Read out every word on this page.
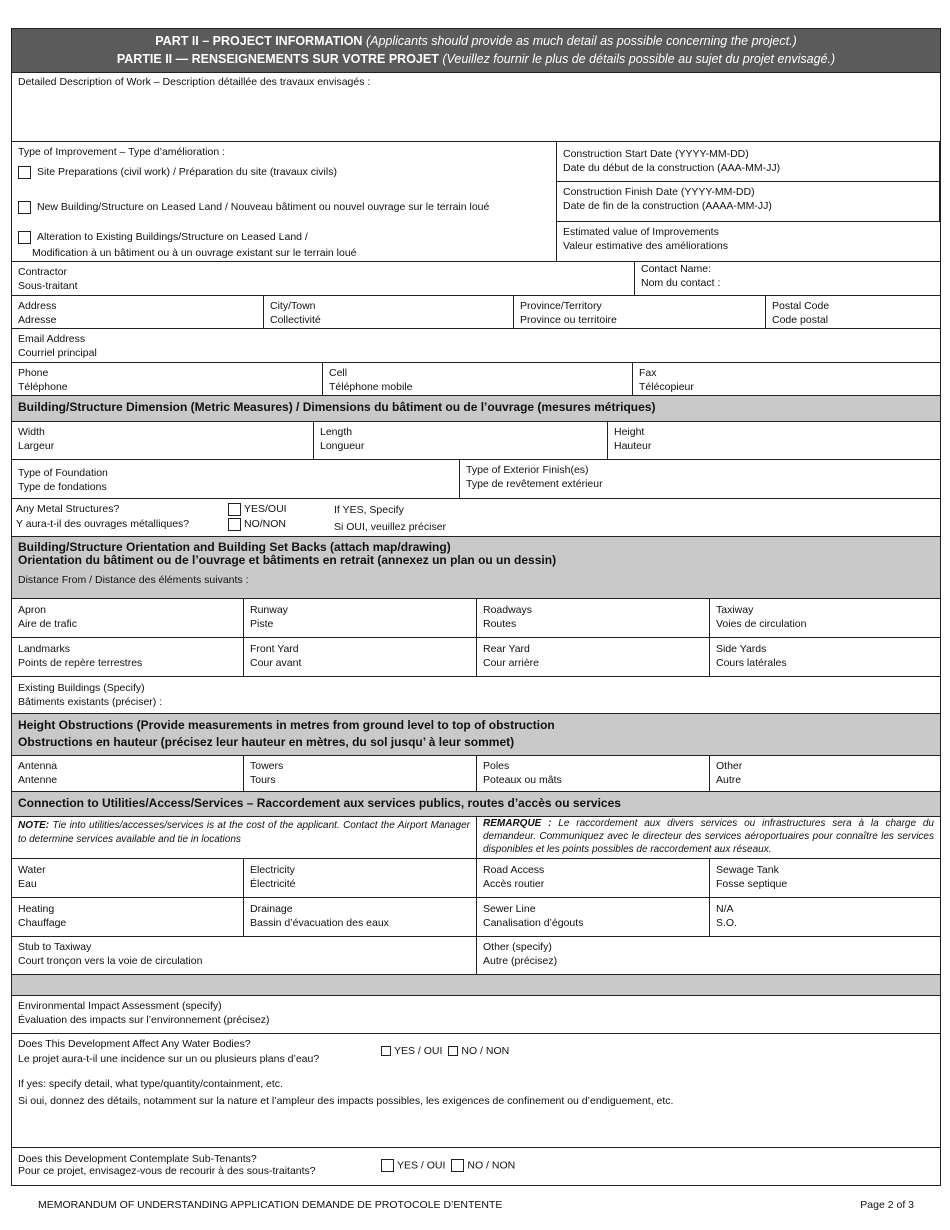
PART II – PROJECT INFORMATION (Applicants should provide as much detail as possible concerning the project.)
PARTIE II — RENSEIGNEMENTS SUR VOTRE PROJET (Veuillez fournir le plus de détails possible au sujet du projet envisagé.)
Detailed Description of Work – Description détaillée des travaux envisagés :
Type of Improvement – Type d’amélioration :
Site Preparations (civil work) / Préparation du site (travaux civils)
New Building/Structure on Leased Land / Nouveau bâtiment ou nouvel ouvrage sur le terrain loué
Alteration to Existing Buildings/Structure on Leased Land /
Modification à un bâtiment ou à un ouvrage existant sur le terrain loué
Construction Start Date (YYYY-MM-DD)
Date du début de la construction (AAA-MM-JJ)
Construction Finish Date (YYYY-MM-DD)
Date de fin de la construction (AAAA-MM-JJ)
Estimated value of Improvements
Valeur estimative des améliorations
Contractor
Sous-traitant
Contact Name:
Nom du contact :
Address
Adresse
City/Town
Collectivité
Province/Territory
Province ou territoire
Postal Code
Code postal
Email Address
Courriel principal
Phone
Téléphone
Cell
Téléphone mobile
Fax
Télécopieur
Building/Structure Dimension (Metric Measures) / Dimensions du bâtiment ou de l’ouvrage (mesures métriques)
Width
Largeur
Length
Longueur
Height
Hauteur
Type of Foundation
Type de fondations
Type of Exterior Finish(es)
Type de revêtement extérieur
Any Metal Structures?
Y aura-t-il des ouvrages métalliques?
YES/OUI
NO/NON
If YES, Specify
Si OUI, veuillez préciser
Building/Structure Orientation and Building Set Backs (attach map/drawing)
Orientation du bâtiment ou de l’ouvrage et bâtiments en retrait (annexez un plan ou un dessin)
Distance From / Distance des éléments suivants :
Apron
Aire de trafic
Runway
Piste
Roadways
Routes
Taxiway
Voies de circulation
Landmarks
Points de repère terrestres
Front Yard
Cour avant
Rear Yard
Cour arrière
Side Yards
Cours latérales
Existing Buildings (Specify)
Bâtiments existants (préciser) :
Height Obstructions (Provide measurements in metres from ground level to top of obstruction
Obstructions en hauteur (précisez leur hauteur en mètres, du sol jusqu’ à leur sommet)
Antenna
Antenne
Towers
Tours
Poles
Poteaux ou mâts
Other
Autre
Connection to Utilities/Access/Services – Raccordement aux services publics, routes d’accès ou services
NOTE: Tie into utilities/accesses/services is at the cost of the applicant. Contact the Airport Manager to determine services available and tie in locations
REMARQUE : Le raccordement aux divers services ou infrastructures sera à la charge du demandeur. Communiquez avec le directeur des services aéroportuaires pour connaître les services disponibles et les points possibles de raccordement aux réseaux.
Water
Eau
Electricity
Électricité
Road Access
Accès routier
Sewage Tank
Fosse septique
Heating
Chauffage
Drainage
Bassin d’évacuation des eaux
Sewer Line
Canalisation d’égouts
N/A
S.O.
Stub to Taxiway
Court tronçon vers la voie de circulation
Other (specify)
Autre (précisez)
Environmental Impact Assessment (specify)
Évaluation des impacts sur l’environnement (précisez)
Does This Development Affect Any Water Bodies?
Le projet aura-t-il une incidence sur un ou plusieurs plans d’eau?
YES / OUI NO / NON
If yes: specify detail, what type/quantity/containment, etc.
Si oui, donnez des détails, notamment sur la nature et l’ampleur des impacts possibles, les exigences de confinement ou d’endiguement, etc.
Does this Development Contemplate Sub-Tenants?
Pour ce projet, envisagez-vous de recourir à des sous-traitants?	YES / OUI NO / NON
MEMORANDUM OF UNDERSTANDING APPLICATION DEMANDE DE PROTOCOLE D’ENTENTE	Page 2 of 3
